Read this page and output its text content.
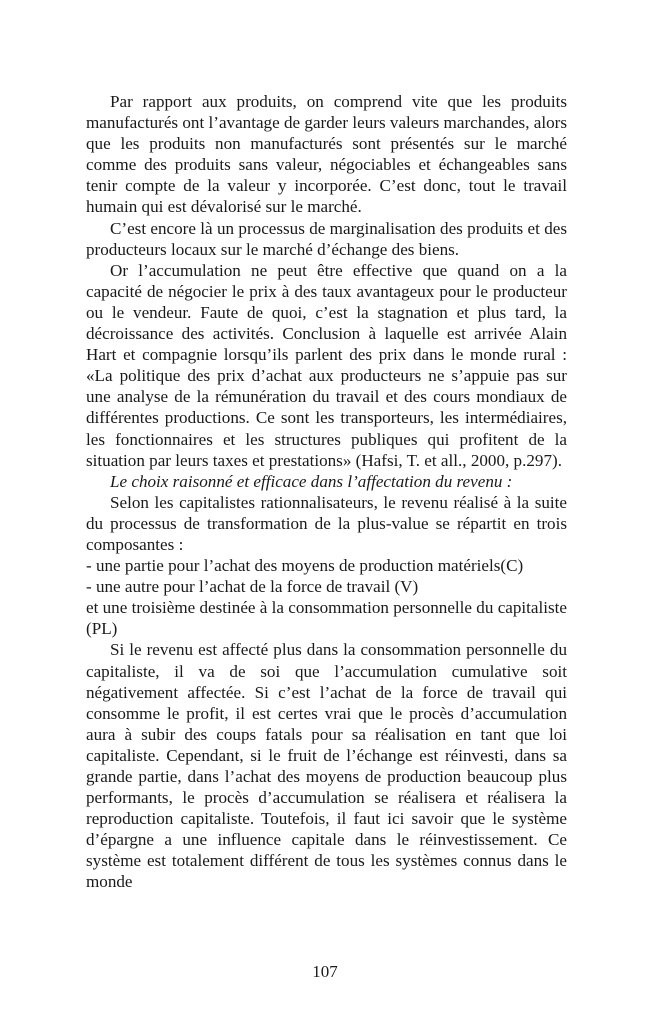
Par rapport aux produits, on comprend vite que les produits manufacturés ont l’avantage de garder leurs valeurs marchandes, alors que les produits non manufacturés sont présentés sur le marché comme des produits sans valeur, négociables et échangeables sans tenir compte de la valeur y incorporée. C’est donc, tout le travail humain qui est dévalorisé sur le marché.

C’est encore là un processus de marginalisation des produits et des producteurs locaux sur le marché d’échange des biens.

Or l’accumulation ne peut être effective que quand on a la capacité de négocier le prix à des taux avantageux pour le producteur ou le vendeur. Faute de quoi, c’est la stagnation et plus tard, la décroissance des activités. Conclusion à laquelle est arrivée Alain Hart et compagnie lorsqu’ils parlent des prix dans le monde rural : «La politique des prix d’achat aux producteurs ne s’appuie pas sur une analyse de la rémunération du travail et des cours mondiaux de différentes productions. Ce sont les transporteurs, les intermédiaires, les fonctionnaires et les structures publiques qui profitent de la situation par leurs taxes et prestations» (Hafsi, T. et all., 2000, p.297).

Le choix raisonné et efficace dans l’affectation du revenu :

Selon les capitalistes rationnalisateurs, le revenu réalisé à la suite du processus de transformation de la plus-value se répartit en trois composantes :

- une partie pour l’achat des moyens de production matériels(C)

- une autre pour l’achat de la force de travail (V)

et une troisième destinée à la consommation personnelle du capitaliste (PL)

Si le revenu est affecté plus dans la consommation personnelle du capitaliste, il va de soi que l’accumulation cumulative soit négativement affectée. Si c’est l’achat de la force de travail qui consomme le profit, il est certes vrai que le procès d’accumulation aura à subir des coups fatals pour sa réalisation en tant que loi capitaliste. Cependant, si le fruit de l’échange est réinvesti, dans sa grande partie, dans l’achat des moyens de production beaucoup plus performants, le procès d’accumulation se réalisera et réalisera la reproduction capitaliste. Toutefois, il faut ici savoir que le système d’épargne a une influence capitale dans le réinvestissement. Ce système est totalement différent de tous les systèmes connus dans le monde

107
